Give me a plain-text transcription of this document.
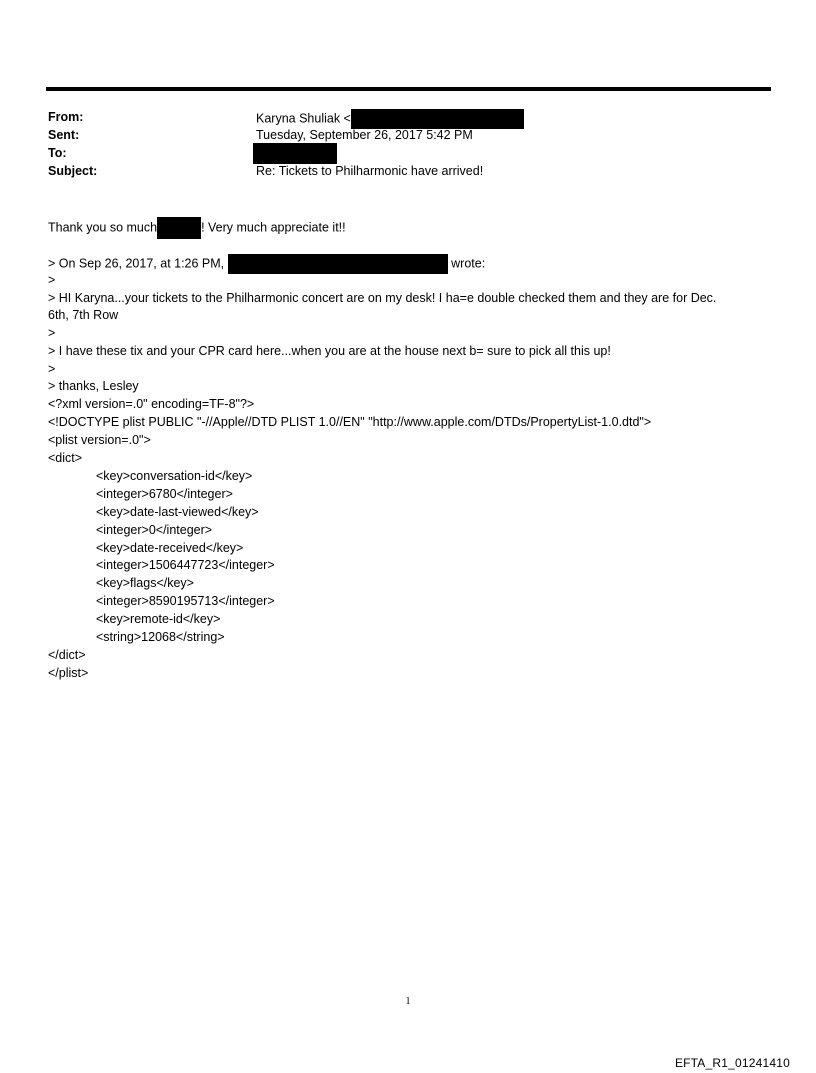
From:	Karyna Shuliak <
Sent:	Tuesday, September 26, 2017 5:42 PM
To:
Subject:	Re: Tickets to Philharmonic have arrived!
Thank you so much	! Very much appreciate it!!
> On Sep 26, 2017, at 1:26 PM,	wrote:
>
> HI Karyna...your tickets to the Philharmonic concert are on my desk! I ha=e double checked them and they are for Dec.
6th, 7th Row
>
> I have these tix and your CPR card here...when you are at the house next b= sure to pick all this up!
>
> thanks, Lesley
<?xml version=.0" encoding=TF-8"?>
<!DOCTYPE plist PUBLIC "-//Apple//DTD PLIST 1.0//EN" "http://www.apple.com/DTDs/PropertyList-1.0.dtd">
<plist version=.0">
<dict>
<key>conversation-id</key>
<integer>6780</integer>
<key>date-last-viewed</key>
<integer>0</integer>
<key>date-received</key>
<integer>1506447723</integer>
<key>flags</key>
<integer>8590195713</integer>
<key>remote-id</key>
<string>12068</string>
</dict>
</plist>
1
EFTA_R1_01241410
